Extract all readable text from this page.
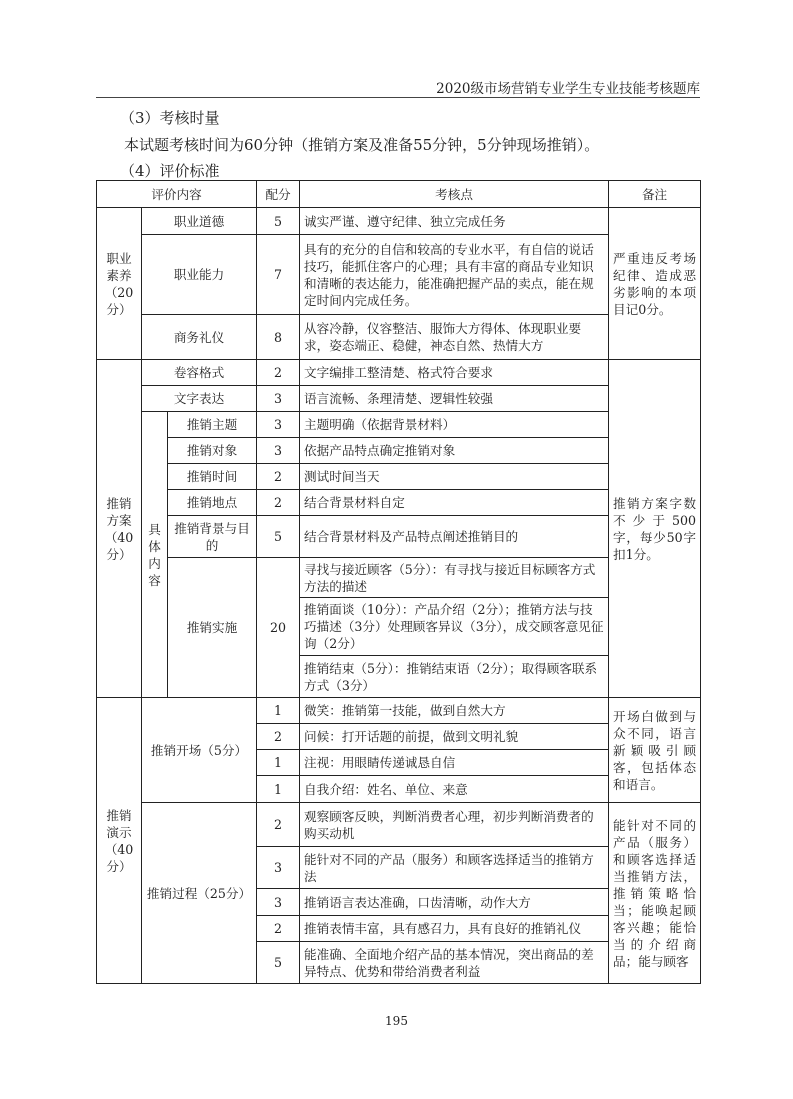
2020级市场营销专业学生专业技能考核题库
（3）考核时量
本试题考核时间为60分钟（推销方案及准备55分钟，5分钟现场推销）。
（4）评价标准
评价内容			配分	考核点	备注
职业素养（20分）	职业道德		5	诚实严谨、遵守纪律、独立完成任务	严重违反考场纪律、造成恶劣影响的本项目记0分。
	职业能力		7	具有的充分的自信和较高的专业水平，有自信的说话技巧，能抓住客户的心理；具有丰富的商品专业知识和清晰的表达能力，能准确把握产品的卖点，能在规定时间内完成任务。	
	商务礼仪		8	从容冷静，仪容整洁、服饰大方得体、体现职业要求，姿态端正、稳健，神态自然、热情大方	
推销方案（40分）	卷容格式		2	文字编排工整清楚、格式符合要求	推销方案字数不少于500字，每少50字扣1分。
	文字表达		3	语言流畅、条理清楚、逻辑性较强	
	具体内容	推销主题	3	主题明确（依据背景材料）	
		推销对象	3	依据产品特点确定推销对象	
		推销时间	2	测试时间当天	
		推销地点	2	结合背景材料自定	
		推销背景与目的	5	结合背景材料及产品特点阐述推销目的	
		推销实施	20	寻找与接近顾客（5分）：有寻找与接近目标顾客方式方法的描述	
				推销面谈（10分）：产品介绍（2分）；推销方法与技巧描述（3分）处理顾客异议（3分），成交顾客意见征询（2分）	
				推销结束（5分）：推销结束语（2分）；取得顾客联系方式（3分）	

推销演示（40分）	推销开场（5分）		1	微笑：推销第一技能，做到自然大方	开场白做到与众不同，语言新颖吸引顾客，包括体态和语言。
			2	问候：打开话题的前提，做到文明礼貌	
			1	注视：用眼睛传递诚恳自信	
			1	自我介绍：姓名、单位、来意	
	推销过程（25分）		2	观察顾客反映，判断消费者心理，初步判断消费者的购买动机	能针对不同的产品（服务）和顾客选择适当推销方法，推销策略恰当；能唤起顾客兴趣；能恰当的介绍商品；能与顾客
			3	能针对不同的产品（服务）和顾客选择适当的推销方法	
			3	推销语言表达准确，口齿清晰，动作大方	
			2	推销表情丰富，具有感召力，具有良好的推销礼仪	
			5	能准确、全面地介绍产品的基本情况，突出商品的差异特点、优势和带给消费者利益	
195
